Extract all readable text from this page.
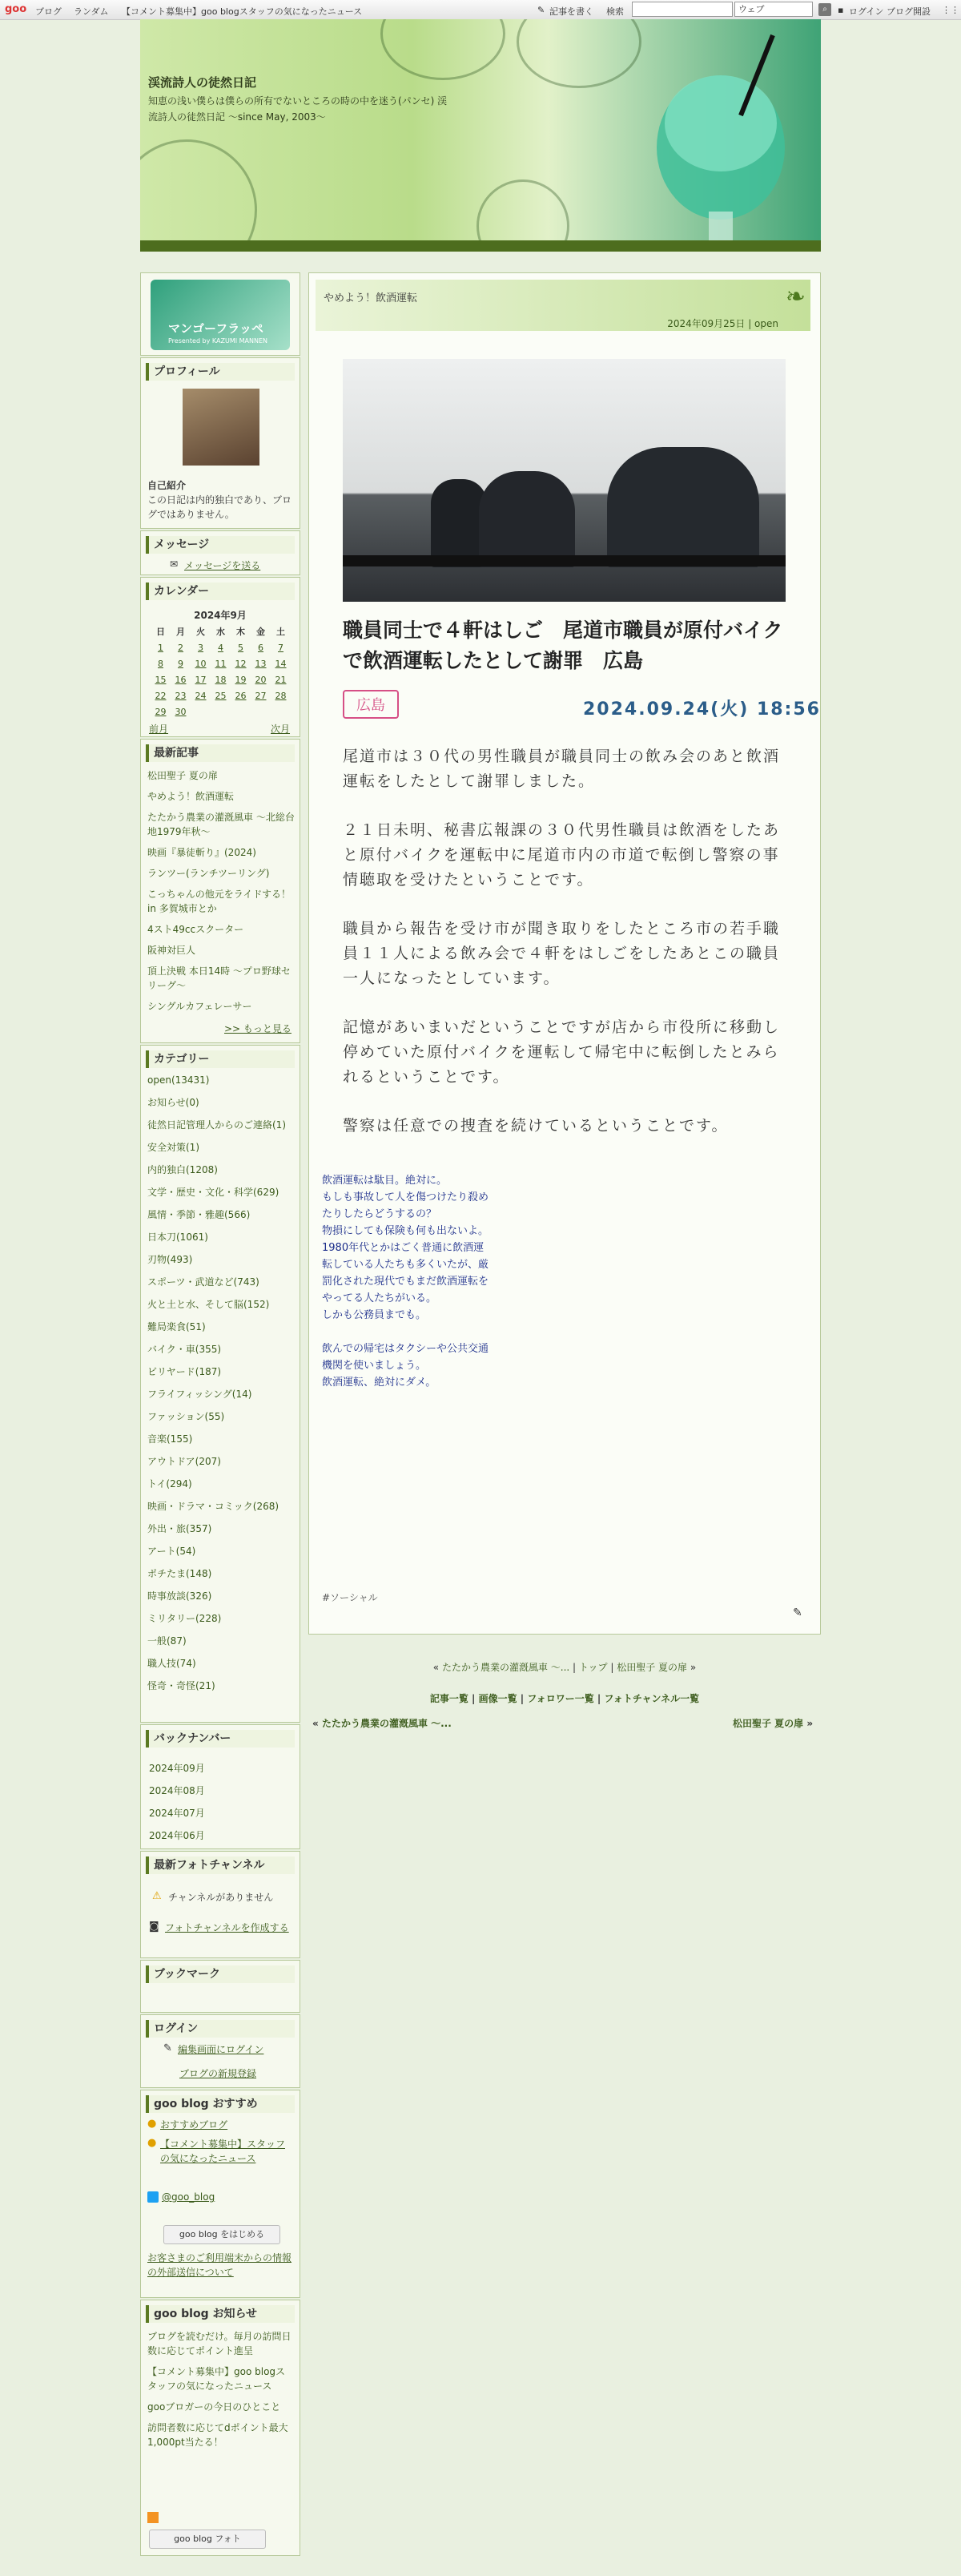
goo ブログ ランダム 【コメント募集中】goo blogスタッフの気になったニュース	✎ 記事を書く 検索	ウェブ	⌕	▪ ログイン ブログ開設 ⋮⋮
渓流詩人の徒然日記
知恵の浅い僕らは僕らの所有でないところの時の中を迷う(パンセ) 渓流詩人の徒然日記 〜since May, 2003〜
マンゴーフラッペ
Presented by KAZUMI MANNEN
プロフィール
自己紹介
この日記は内的独白であり、ブログではありません。
メッセージ
✉ メッセージを送る
カレンダー
2024年9月
日 月 火 水 木 金 土
1 2 3 4 5 6 7
8 9 10 11 12 13 14
15 16 17 18 19 20 21
22 23 24 25 26 27 28
29 30
前月	次月
最新記事
松田聖子 夏の扉
やめよう！飲酒運転
たたかう農業の灌漑風車 〜北総台地1979年秋〜
映画『暴徒斬り』(2024)
ランツー(ランチツーリング)
こっちゃんの他元をライドする！in 多賀城市とか
4スト49ccスクーター
阪神対巨人
頂上決戦 本日14時 〜プロ野球セリーグ〜
シングルカフェレーサー
>> もっと見る
カテゴリー
open(13431)
お知らせ(0)
徒然日記管理人からのご連絡(1)
安全対策(1)
内的独白(1208)
文学・歴史・文化・科学(629)
風情・季節・雅趣(566)
日本刀(1061)
刃物(493)
スポーツ・武道など(743)
火と土と水、そして脳(152)
難局楽食(51)
バイク・車(355)
ビリヤード(187)
フライフィッシング(14)
ファッション(55)
音楽(155)
アウトドア(207)
トイ(294)
映画・ドラマ・コミック(268)
外出・旅(357)
アート(54)
ポチたま(148)
時事放談(326)
ミリタリー(228)
一般(87)
職人技(74)
怪奇・奇怪(21)
バックナンバー
2024年09月
2024年08月
2024年07月
2024年06月
最新フォトチャンネル
⚠ チャンネルがありません
◙ フォトチャンネルを作成する
ブックマーク
ログイン
✎ 編集画面にログイン
ブログの新規登録
goo blog おすすめ
● おすすめブログ
● 【コメント募集中】スタッフの気になったニュース
@goo_blog
goo blog をはじめる
お客さまのご利用端末からの情報の外部送信について
goo blog お知らせ
ブログを読むだけ。毎月の訪問日数に応じてポイント進呈
【コメント募集中】goo blogスタッフの気になったニュース
gooブロガーの今日のひとこと
訪問者数に応じてdポイント最大1,000pt当たる！
goo blog フォト
やめよう！飲酒運転
2024年09月25日 | open
❧
職員同士で４軒はしご　尾道市職員が原付バイクで飲酒運転したとして謝罪　広島
広島	2024.09.24(火) 18:56
尾道市は３０代の男性職員が職員同士の飲み会のあと飲酒運転をしたとして謝罪しました。
２１日未明、秘書広報課の３０代男性職員は飲酒をしたあと原付バイクを運転中に尾道市内の市道で転倒し警察の事情聴取を受けたということです。
職員から報告を受け市が聞き取りをしたところ市の若手職員１１人による飲み会で４軒をはしごをしたあとこの職員一人になったとしています。
記憶があいまいだということですが店から市役所に移動し停めていた原付バイクを運転して帰宅中に転倒したとみられるということです。
警察は任意での捜査を続けているということです。
飲酒運転は駄目。絶対に。
もしも事故して人を傷つけたり殺めたりしたらどうするの？
物損にしても保険も何も出ないよ。
1980年代とかはごく普通に飲酒運転している人たちも多くいたが、厳罰化された現代でもまだ飲酒運転をやってる人たちがいる。
しかも公務員までも。
飲んでの帰宅はタクシーや公共交通機関を使いましょう。
飲酒運転、絶対にダメ。
#ソーシャル
✎
« たたかう農業の灌漑風車 〜... | トップ | 松田聖子 夏の扉 »
記事一覧 | 画像一覧 | フォロワー一覧 | フォトチャンネル一覧
« たたかう農業の灌漑風車 〜...	松田聖子 夏の扉 »
